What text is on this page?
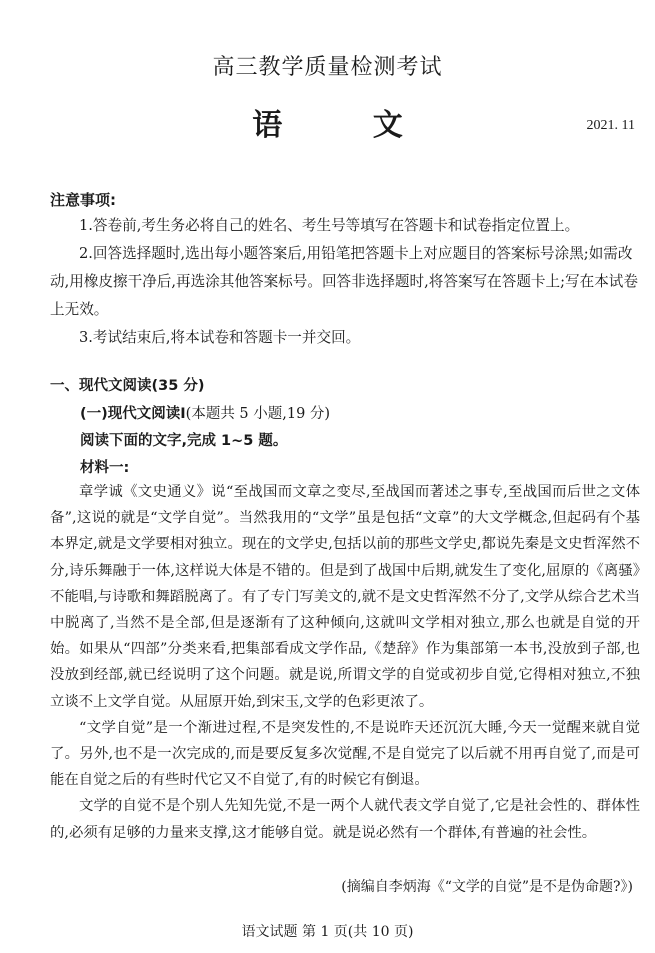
高三教学质量检测考试
语 文	2021. 11
注意事项:

1.答卷前,考生务必将自己的姓名、考生号等填写在答题卡和试卷指定位置上。

2.回答选择题时,选出每小题答案后,用铅笔把答题卡上对应题目的答案标号涂黑;如需改动,用橡皮擦干净后,再选涂其他答案标号。回答非选择题时,将答案写在答题卡上;写在本试卷上无效。

3.考试结束后,将本试卷和答题卡一并交回。

一、现代文阅读(35 分)
(一)现代文阅读Ⅰ(本题共 5 小题,19 分)
阅读下面的文字,完成 1~5 题。
材料一:

章学诚《文史通义》说“至战国而文章之变尽,至战国而著述之事专,至战国而后世之文体备”,这说的就是“文学自觉”。当然我用的“文学”虽是包括“文章”的大文学概念,但起码有个基本界定,就是文学要相对独立。现在的文学史,包括以前的那些文学史,都说先秦是文史哲浑然不分,诗乐舞融于一体,这样说大体是不错的。但是到了战国中后期,就发生了变化,屈原的《离骚》不能唱,与诗歌和舞蹈脱离了。有了专门写美文的,就不是文史哲浑然不分了,文学从综合艺术当中脱离了,当然不是全部,但是逐渐有了这种倾向,这就叫文学相对独立,那么也就是自觉的开始。如果从“四部”分类来看,把集部看成文学作品,《楚辞》作为集部第一本书,没放到子部,也没放到经部,就已经说明了这个问题。就是说,所谓文学的自觉或初步自觉,它得相对独立,不独立谈不上文学自觉。从屈原开始,到宋玉,文学的色彩更浓了。

“文学自觉”是一个渐进过程,不是突发性的,不是说昨天还沉沉大睡,今天一觉醒来就自觉了。另外,也不是一次完成的,而是要反复多次觉醒,不是自觉完了以后就不用再自觉了,而是可能在自觉之后的有些时代它又不自觉了,有的时候它有倒退。

文学的自觉不是个别人先知先觉,不是一两个人就代表文学自觉了,它是社会性的、群体性的,必须有足够的力量来支撑,这才能够自觉。就是说必然有一个群体,有普遍的社会性。

(摘编自李炳海《“文学的自觉”是不是伪命题?》)
语文试题 第 1 页(共 10 页)
